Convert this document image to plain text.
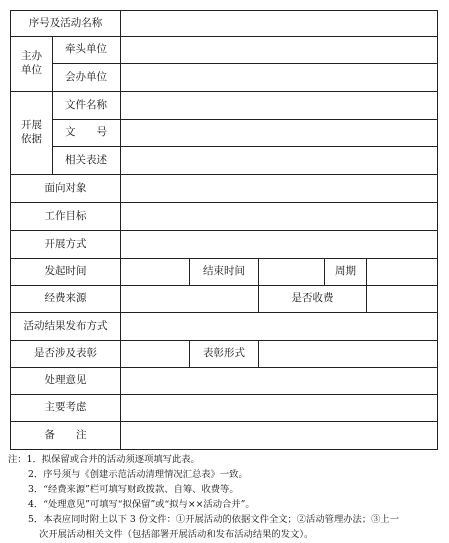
序号及活动名称
主办单位
牵头单位
会办单位
开展依据
文件名称
文　　号
相关表述
面向对象
工作目标
开展方式
发起时间	结束时间	周期
经费来源	是否收费
活动结果发布方式
是否涉及表彰	表彰形式
处理意见
主要考虑
备　　注
注：1．拟保留或合并的活动须逐项填写此表。
2．序号须与《创建示范活动清理情况汇总表》一致。
3．“经费来源”栏可填写财政拨款、自筹、收费等。
4．“处理意见”可填写“拟保留”或“拟与××活动合并”。
5．本表应同时附上以下 3 份文件：①开展活动的依据文件全文；②活动管理办法；③上一
次开展活动相关文件（包括部署开展活动和发布活动结果的发文）。
